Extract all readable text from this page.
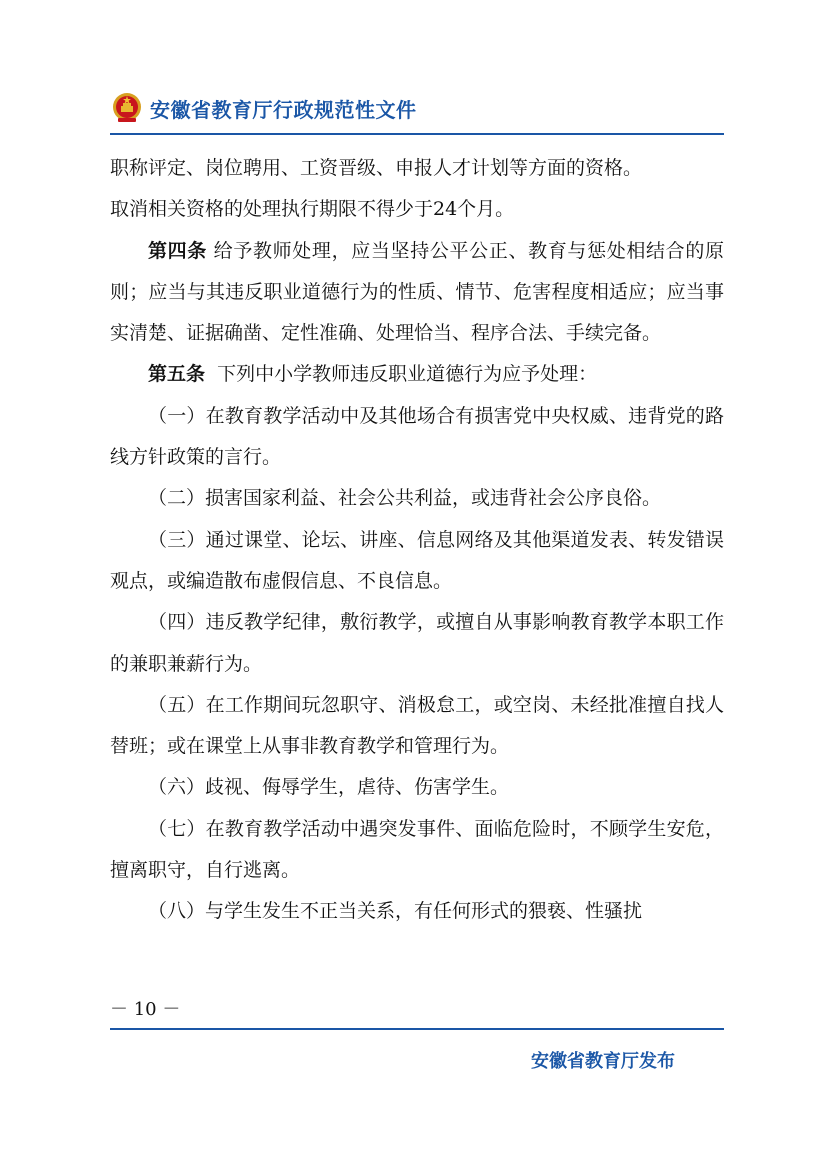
安徽省教育厅行政规范性文件

职称评定、岗位聘用、工资晋级、申报人才计划等方面的资格。

取消相关资格的处理执行期限不得少于24个月。

第四条 给予教师处理，应当坚持公平公正、教育与惩处相结合的原则；应当与其违反职业道德行为的性质、情节、危害程度相适应；应当事实清楚、证据确凿、定性准确、处理恰当、程序合法、手续完备。

第五条 下列中小学教师违反职业道德行为应予处理：

（一）在教育教学活动中及其他场合有损害党中央权威、违背党的路线方针政策的言行。

（二）损害国家利益、社会公共利益，或违背社会公序良俗。

（三）通过课堂、论坛、讲座、信息网络及其他渠道发表、转发错误观点，或编造散布虚假信息、不良信息。

（四）违反教学纪律，敷衍教学，或擅自从事影响教育教学本职工作的兼职兼薪行为。

（五）在工作期间玩忽职守、消极怠工，或空岗、未经批准擅自找人替班；或在课堂上从事非教育教学和管理行为。

（六）歧视、侮辱学生，虐待、伤害学生。

（七）在教育教学活动中遇突发事件、面临危险时，不顾学生安危，擅离职守，自行逃离。

（八）与学生发生不正当关系，有任何形式的猥亵、性骚扰

－ 10 －
安徽省教育厅发布
